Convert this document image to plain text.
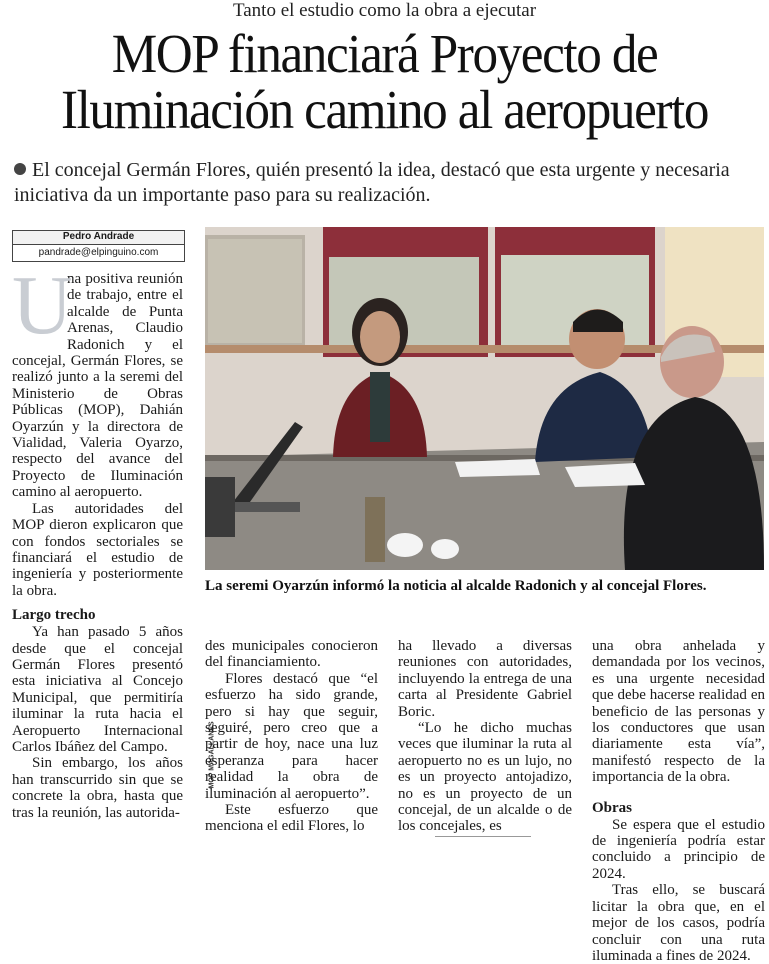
Tanto el estudio como la obra a ejecutar
MOP financiará Proyecto de
Iluminación camino al aeropuerto
El concejal Germán Flores, quién presentó la idea, destacó que esta urgente y necesaria iniciativa da un importante paso para su realización.
Pedro Andrade
pandrade@elpinguino.com
U

na positiva reunión de trabajo, entre el alcalde de Punta Arenas, Claudio Radonich y el concejal, Germán Flores, se realizó junto a la seremi del Ministerio de Obras Públicas (MOP), Dahián Oyarzún y la directora de Vialidad, Valeria Oyarzo, respecto del avance del Proyecto de Iluminación camino al aeropuerto.

Las autoridades del MOP dieron explicaron que con fondos sectoriales se financiará el estudio de ingeniería y posteriormente la obra.

Largo trecho

Ya han pasado 5 años desde que el concejal Germán Flores presentó esta iniciativa al Concejo Municipal, que permitiría iluminar la ruta hacia el Aeropuerto Internacional Carlos Ibáñez del Campo.

Sin embargo, los años han transcurrido sin que se concrete la obra, hasta que tras la reunión, las autorida-

MOP MAGALLANES
La seremi Oyarzún informó la noticia al alcalde Radonich y al concejal Flores.

des municipales conocieron del financiamiento.

Flores destacó que “el esfuerzo ha sido grande, pero si hay que seguir, seguiré, pero creo que a partir de hoy, nace una luz esperanza para hacer realidad la obra de iluminación al aeropuerto”.

Este esfuerzo que menciona el edil Flores, lo

ha llevado a diversas reuniones con autoridades, incluyendo la entrega de una carta al Presidente Gabriel Boric.

“Lo he dicho muchas veces que iluminar la ruta al aeropuerto no es un lujo, no es un proyecto antojadizo, no es un proyecto de un concejal, de un alcalde o de los concejales, es

una obra anhelada y demandada por los vecinos, es una urgente necesidad que debe hacerse realidad en beneficio de las personas y los conductores que usan diariamente esta vía”, manifestó respecto de la importancia de la obra.

Obras

Se espera que el estudio de ingeniería podría estar concluido a principio de 2024.

Tras ello, se buscará licitar la obra que, en el mejor de los casos, podría concluir con una ruta iluminada a fines de 2024.
